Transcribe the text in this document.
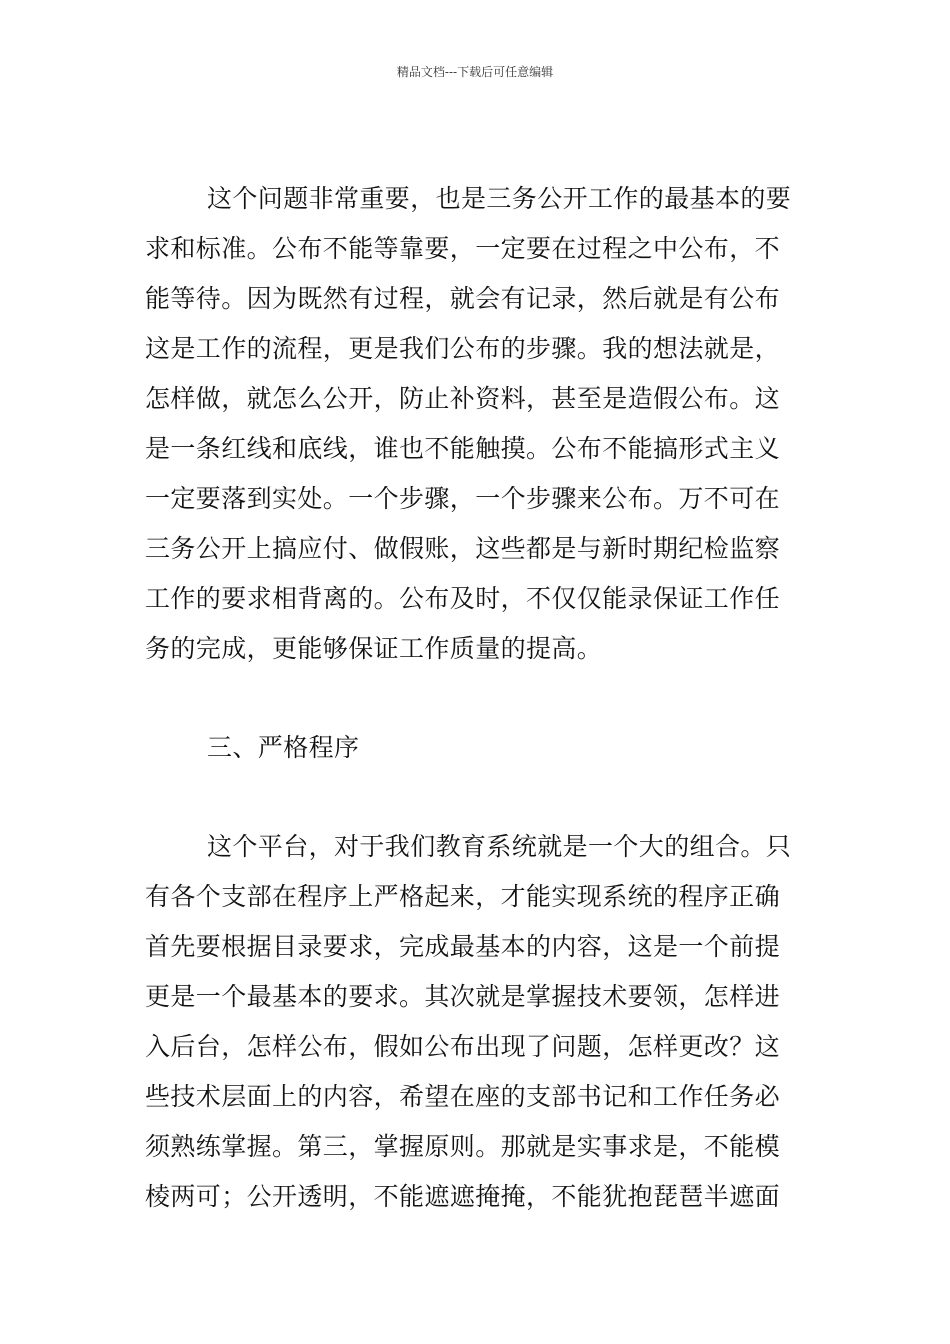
精品文档---下载后可任意编辑
这个问题非常重要，也是三务公开工作的最基本的要
求和标准。公布不能等靠要，一定要在过程之中公布，不
能等待。因为既然有过程，就会有记录，然后就是有公布
这是工作的流程，更是我们公布的步骤。我的想法就是，
怎样做，就怎么公开，防止补资料，甚至是造假公布。这
是一条红线和底线，谁也不能触摸。公布不能搞形式主义
一定要落到实处。一个步骤，一个步骤来公布。万不可在
三务公开上搞应付、做假账，这些都是与新时期纪检监察
工作的要求相背离的。公布及时，不仅仅能录保证工作任
务的完成，更能够保证工作质量的提高。
三、严格程序
这个平台，对于我们教育系统就是一个大的组合。只
有各个支部在程序上严格起来，才能实现系统的程序正确
首先要根据目录要求，完成最基本的内容，这是一个前提
更是一个最基本的要求。其次就是掌握技术要领，怎样进
入后台，怎样公布，假如公布出现了问题，怎样更改？这
些技术层面上的内容，希望在座的支部书记和工作任务必
须熟练掌握。第三，掌握原则。那就是实事求是，不能模
棱两可；公开透明，不能遮遮掩掩，不能犹抱琵琶半遮面
